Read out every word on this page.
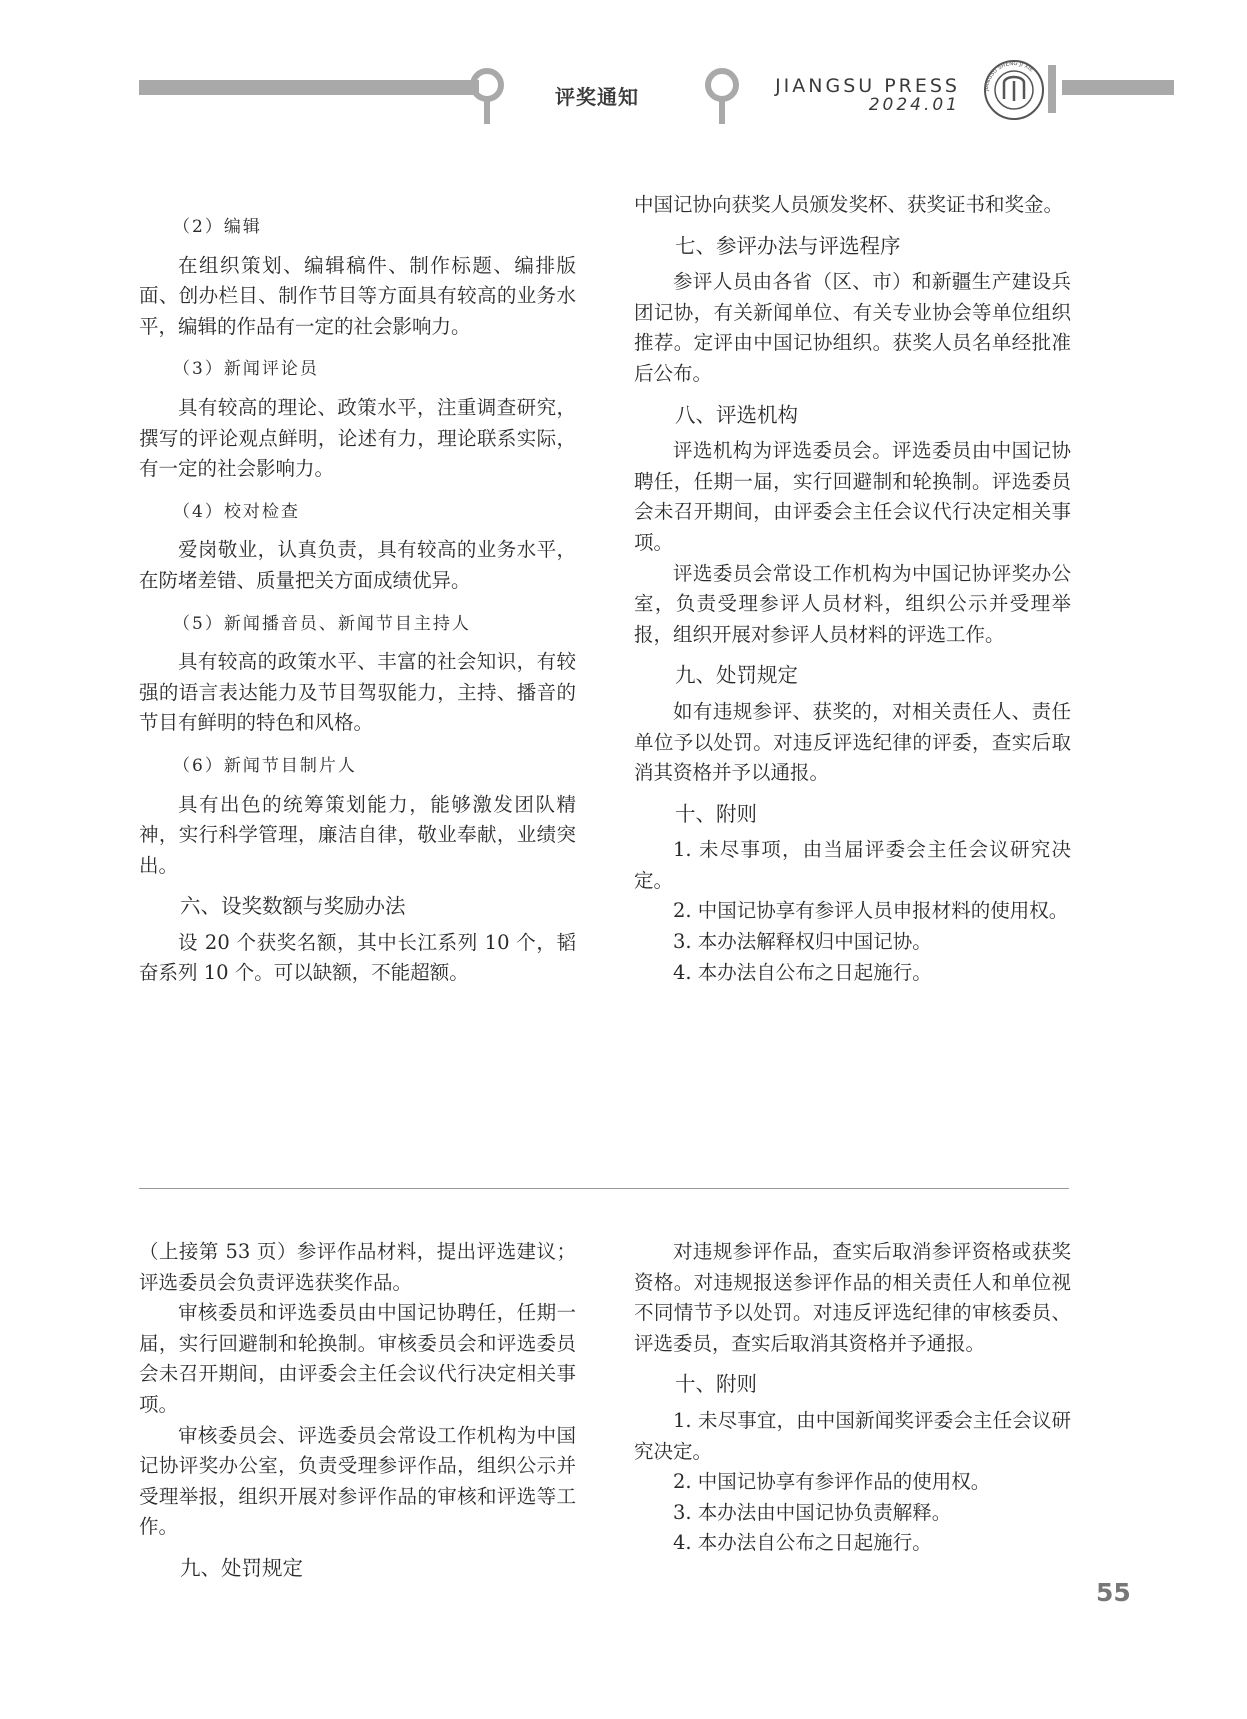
评奖通知	JIANGSU PRESS
2024.01
JIANGSU SHENG JI XIE

（2）编辑

在组织策划、编辑稿件、制作标题、编排版面、创办栏目、制作节目等方面具有较高的业务水平，编辑的作品有一定的社会影响力。

（3）新闻评论员

具有较高的理论、政策水平，注重调查研究，撰写的评论观点鲜明，论述有力，理论联系实际，有一定的社会影响力。

（4）校对检查

爱岗敬业，认真负责，具有较高的业务水平，在防堵差错、质量把关方面成绩优异。

（5）新闻播音员、新闻节目主持人

具有较高的政策水平、丰富的社会知识，有较强的语言表达能力及节目驾驭能力，主持、播音的节目有鲜明的特色和风格。

（6）新闻节目制片人

具有出色的统筹策划能力，能够激发团队精神，实行科学管理，廉洁自律，敬业奉献，业绩突出。

六、设奖数额与奖励办法

设 20 个获奖名额，其中长江系列 10 个，韬奋系列 10 个。可以缺额，不能超额。

中国记协向获奖人员颁发奖杯、获奖证书和奖金。

七、参评办法与评选程序

参评人员由各省（区、市）和新疆生产建设兵团记协，有关新闻单位、有关专业协会等单位组织推荐。定评由中国记协组织。获奖人员名单经批准后公布。

八、评选机构

评选机构为评选委员会。评选委员由中国记协聘任，任期一届，实行回避制和轮换制。评选委员会未召开期间，由评委会主任会议代行决定相关事项。

评选委员会常设工作机构为中国记协评奖办公室，负责受理参评人员材料，组织公示并受理举报，组织开展对参评人员材料的评选工作。

九、处罚规定

如有违规参评、获奖的，对相关责任人、责任单位予以处罚。对违反评选纪律的评委，查实后取消其资格并予以通报。

十、附则

1. 未尽事项，由当届评委会主任会议研究决定。

2. 中国记协享有参评人员申报材料的使用权。

3. 本办法解释权归中国记协。

4. 本办法自公布之日起施行。

（上接第 53 页）参评作品材料，提出评选建议；评选委员会负责评选获奖作品。

审核委员和评选委员由中国记协聘任，任期一届，实行回避制和轮换制。审核委员会和评选委员会未召开期间，由评委会主任会议代行决定相关事项。

审核委员会、评选委员会常设工作机构为中国记协评奖办公室，负责受理参评作品，组织公示并受理举报，组织开展对参评作品的审核和评选等工作。

九、处罚规定

对违规参评作品，查实后取消参评资格或获奖资格。对违规报送参评作品的相关责任人和单位视不同情节予以处罚。对违反评选纪律的审核委员、评选委员，查实后取消其资格并予通报。

十、附则

1. 未尽事宜，由中国新闻奖评委会主任会议研究决定。

2. 中国记协享有参评作品的使用权。

3. 本办法由中国记协负责解释。

4. 本办法自公布之日起施行。

55
